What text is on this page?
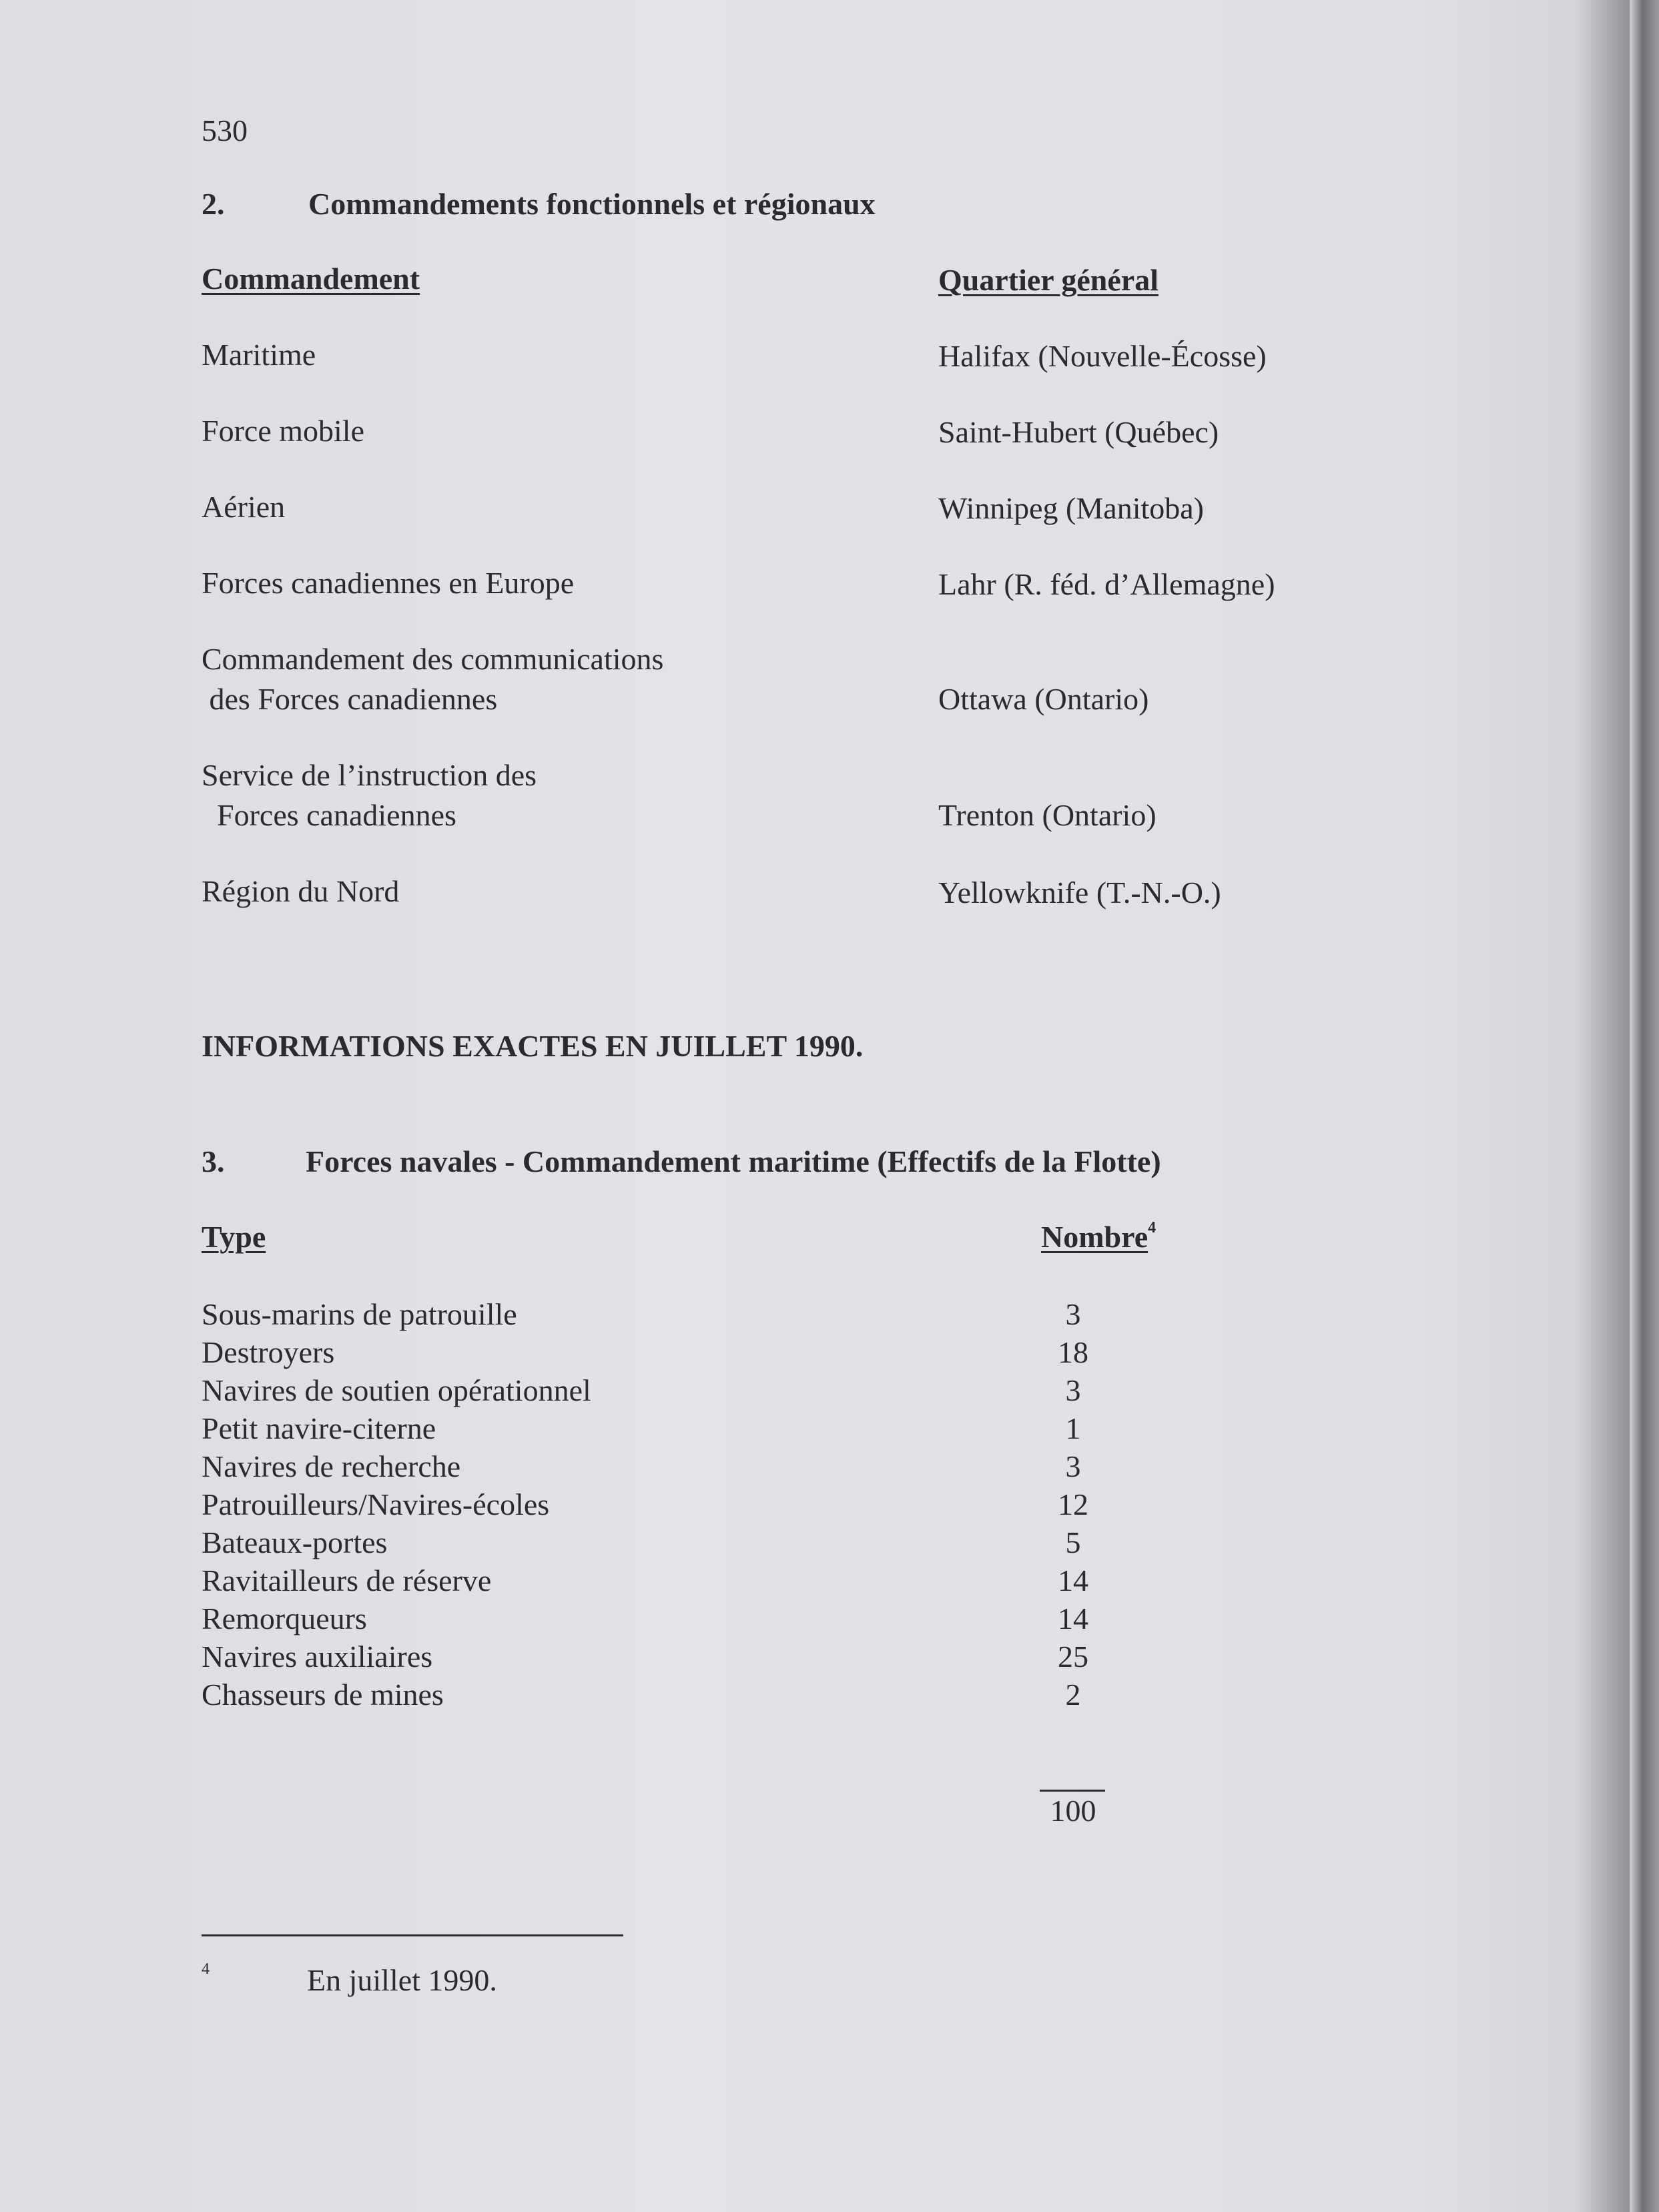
530
2.	Commandements fonctionnels et régionaux
Commandement	Quartier général
Maritime	Halifax (Nouvelle-Écosse)
Force mobile	Saint-Hubert (Québec)
Aérien	Winnipeg (Manitoba)
Forces canadiennes en Europe	Lahr (R. féd. d’Allemagne)
Commandement des communications
des Forces canadiennes	Ottawa (Ontario)
Service de l’instruction des
Forces canadiennes	Trenton (Ontario)
Région du Nord	Yellowknife (T.-N.-O.)
INFORMATIONS EXACTES EN JUILLET 1990.
3.	Forces navales - Commandement maritime (Effectifs de la Flotte)
Type	Nombre$^4$
Sous-marins de patrouille	3
Destroyers	18
Navires de soutien opérationnel	3
Petit navire-citerne	1
Navires de recherche	3
Patrouilleurs/Navires-écoles	12
Bateaux-portes	5
Ravitailleurs de réserve	14
Remorqueurs	14
Navires auxiliaires	25
Chasseurs de mines	2
100
4	En juillet 1990.
